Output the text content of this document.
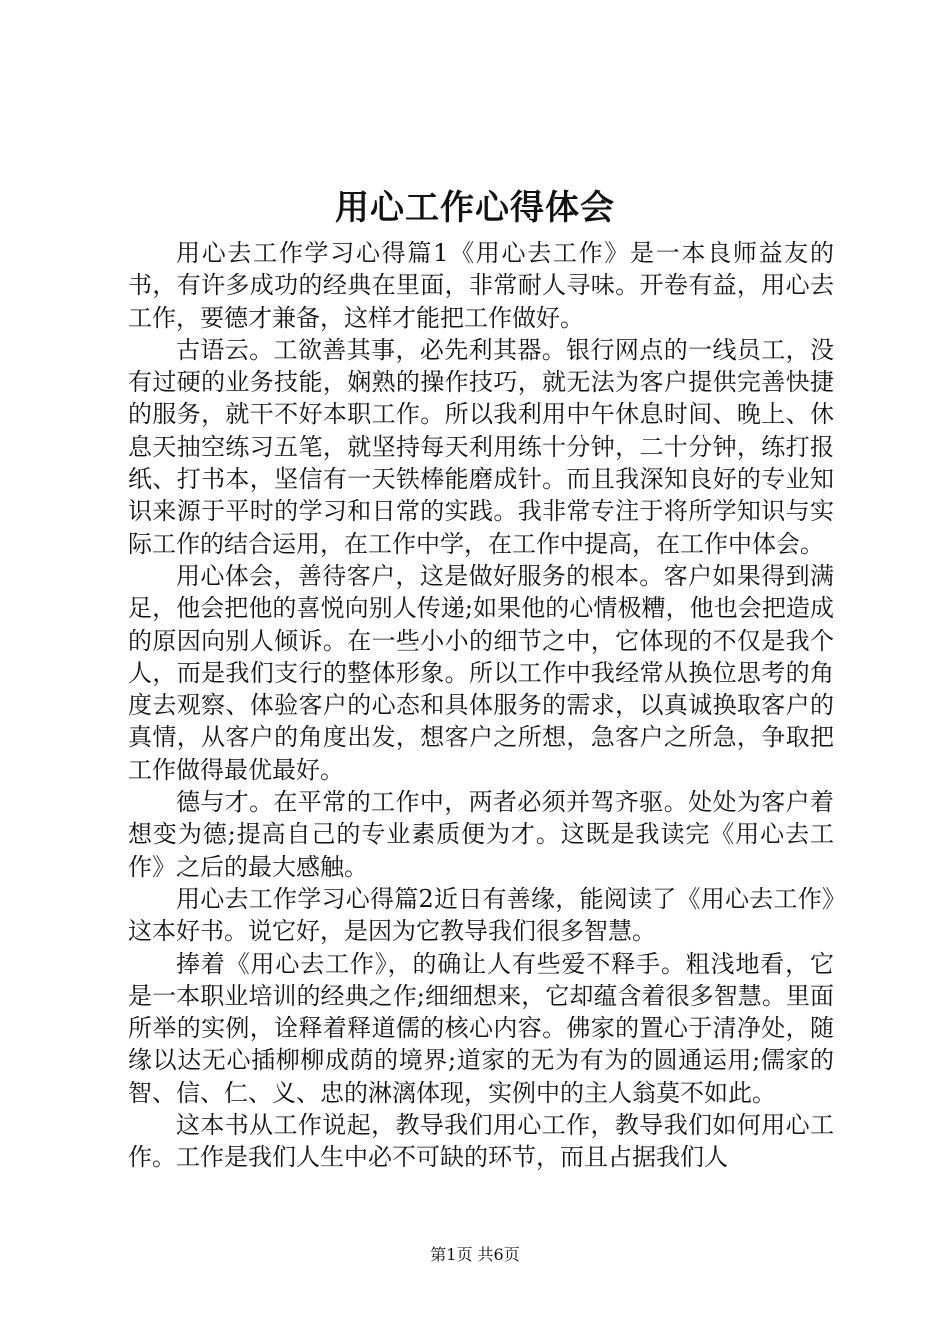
用心工作心得体会

用心去工作学习心得篇1《用心去工作》是一本良师益友的书，有许多成功的经典在里面，非常耐人寻味。开卷有益，用心去工作，要德才兼备，这样才能把工作做好。

古语云。工欲善其事，必先利其器。银行网点的一线员工，没有过硬的业务技能，娴熟的操作技巧，就无法为客户提供完善快捷的服务，就干不好本职工作。所以我利用中午休息时间、晚上、休息天抽空练习五笔，就坚持每天利用练十分钟，二十分钟，练打报纸、打书本，坚信有一天铁棒能磨成针。而且我深知良好的专业知识来源于平时的学习和日常的实践。我非常专注于将所学知识与实际工作的结合运用，在工作中学，在工作中提高，在工作中体会。

用心体会，善待客户，这是做好服务的根本。客户如果得到满足，他会把他的喜悦向别人传递;如果他的心情极糟，他也会把造成的原因向别人倾诉。在一些小小的细节之中，它体现的不仅是我个人，而是我们支行的整体形象。所以工作中我经常从换位思考的角度去观察、体验客户的心态和具体服务的需求，以真诚换取客户的真情，从客户的角度出发，想客户之所想，急客户之所急，争取把工作做得最优最好。

德与才。在平常的工作中，两者必须并驾齐驱。处处为客户着想变为德;提高自己的专业素质便为才。这既是我读完《用心去工作》之后的最大感触。

用心去工作学习心得篇2近日有善缘，能阅读了《用心去工作》这本好书。说它好，是因为它教导我们很多智慧。

捧着《用心去工作》，的确让人有些爱不释手。粗浅地看，它是一本职业培训的经典之作;细细想来，它却蕴含着很多智慧。里面所举的实例，诠释着释道儒的核心内容。佛家的置心于清净处，随缘以达无心插柳柳成荫的境界;道家的无为有为的圆通运用;儒家的智、信、仁、义、忠的淋漓体现，实例中的主人翁莫不如此。

这本书从工作说起，教导我们用心工作，教导我们如何用心工作。工作是我们人生中必不可缺的环节，而且占据我们人

第1页 共6页
